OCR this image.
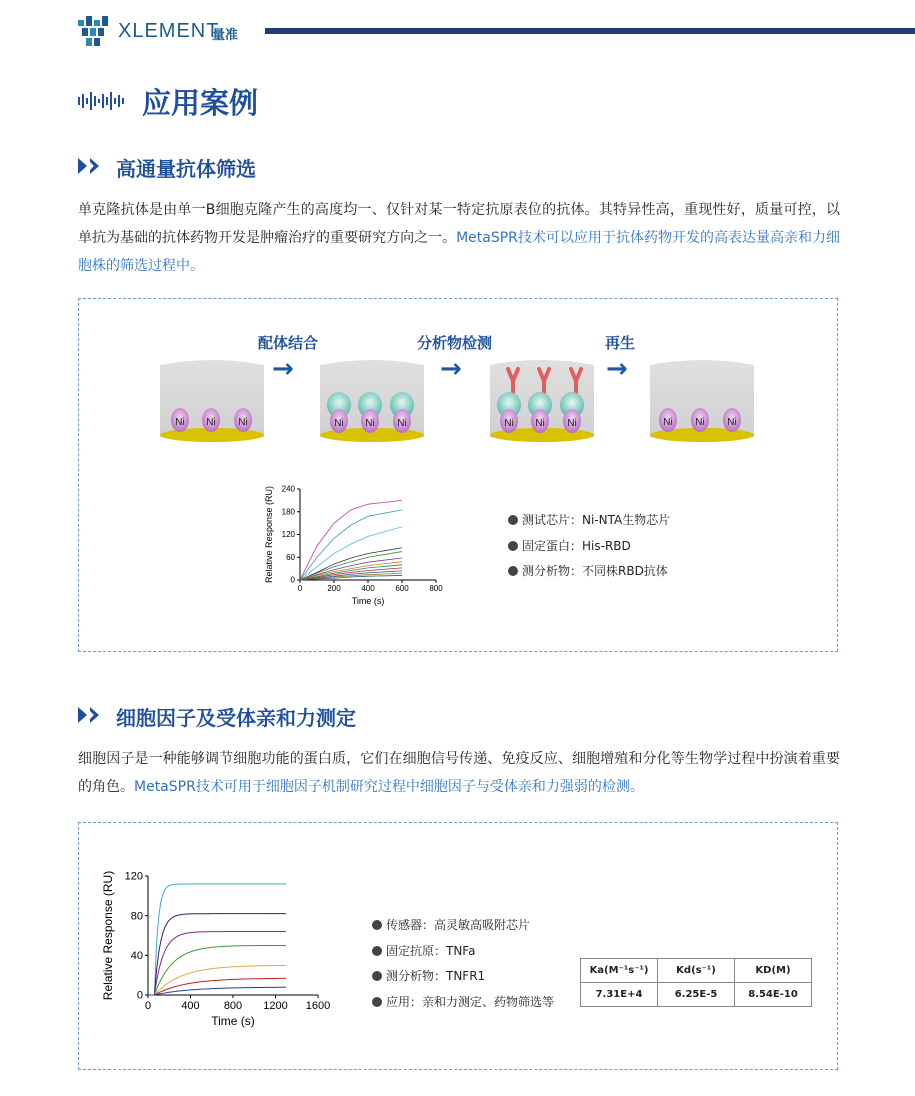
XLEMENT
量准
应用案例
高通量抗体筛选
单克隆抗体是由单一B细胞克隆产生的高度均一、仅针对某一特定抗原表位的抗体。其特异性高，重现性好，质量可控，以单抗为基础的抗体药物开发是肿瘤治疗的重要研究方向之一。MetaSPR技术可以应用于抗体药物开发的高表达量高亲和力细胞株的筛选过程中。
配体结合	分析物检测	再生
→	→	→
Ni Ni Ni	Ni Ni Ni	Ni Ni Ni	Ni Ni Ni
0	200	400	600	800
0
60
120
180
240
Time (s)
Relative Response (RU)	测试芯片：Ni-NTA生物芯片
固定蛋白：His-RBD
测分析物：不同株RBD抗体
细胞因子及受体亲和力测定
细胞因子是一种能够调节细胞功能的蛋白质，它们在细胞信号传递、免疫反应、细胞增殖和分化等生物学过程中扮演着重要的角色。MetaSPR技术可用于细胞因子机制研究过程中细胞因子与受体亲和力强弱的检测。
0	400 800 1200 1600
0
40
80
120
Time (s)
Relative Response (RU)	传感器：高灵敏高吸附芯片
固定抗原：TNFa
测分析物：TNFR1
应用：亲和力测定、药物筛选等
Ka(M⁻¹s⁻¹)	Kd(s⁻¹)	KD(M)
7.31E+4	6.25E-5	8.54E-10
